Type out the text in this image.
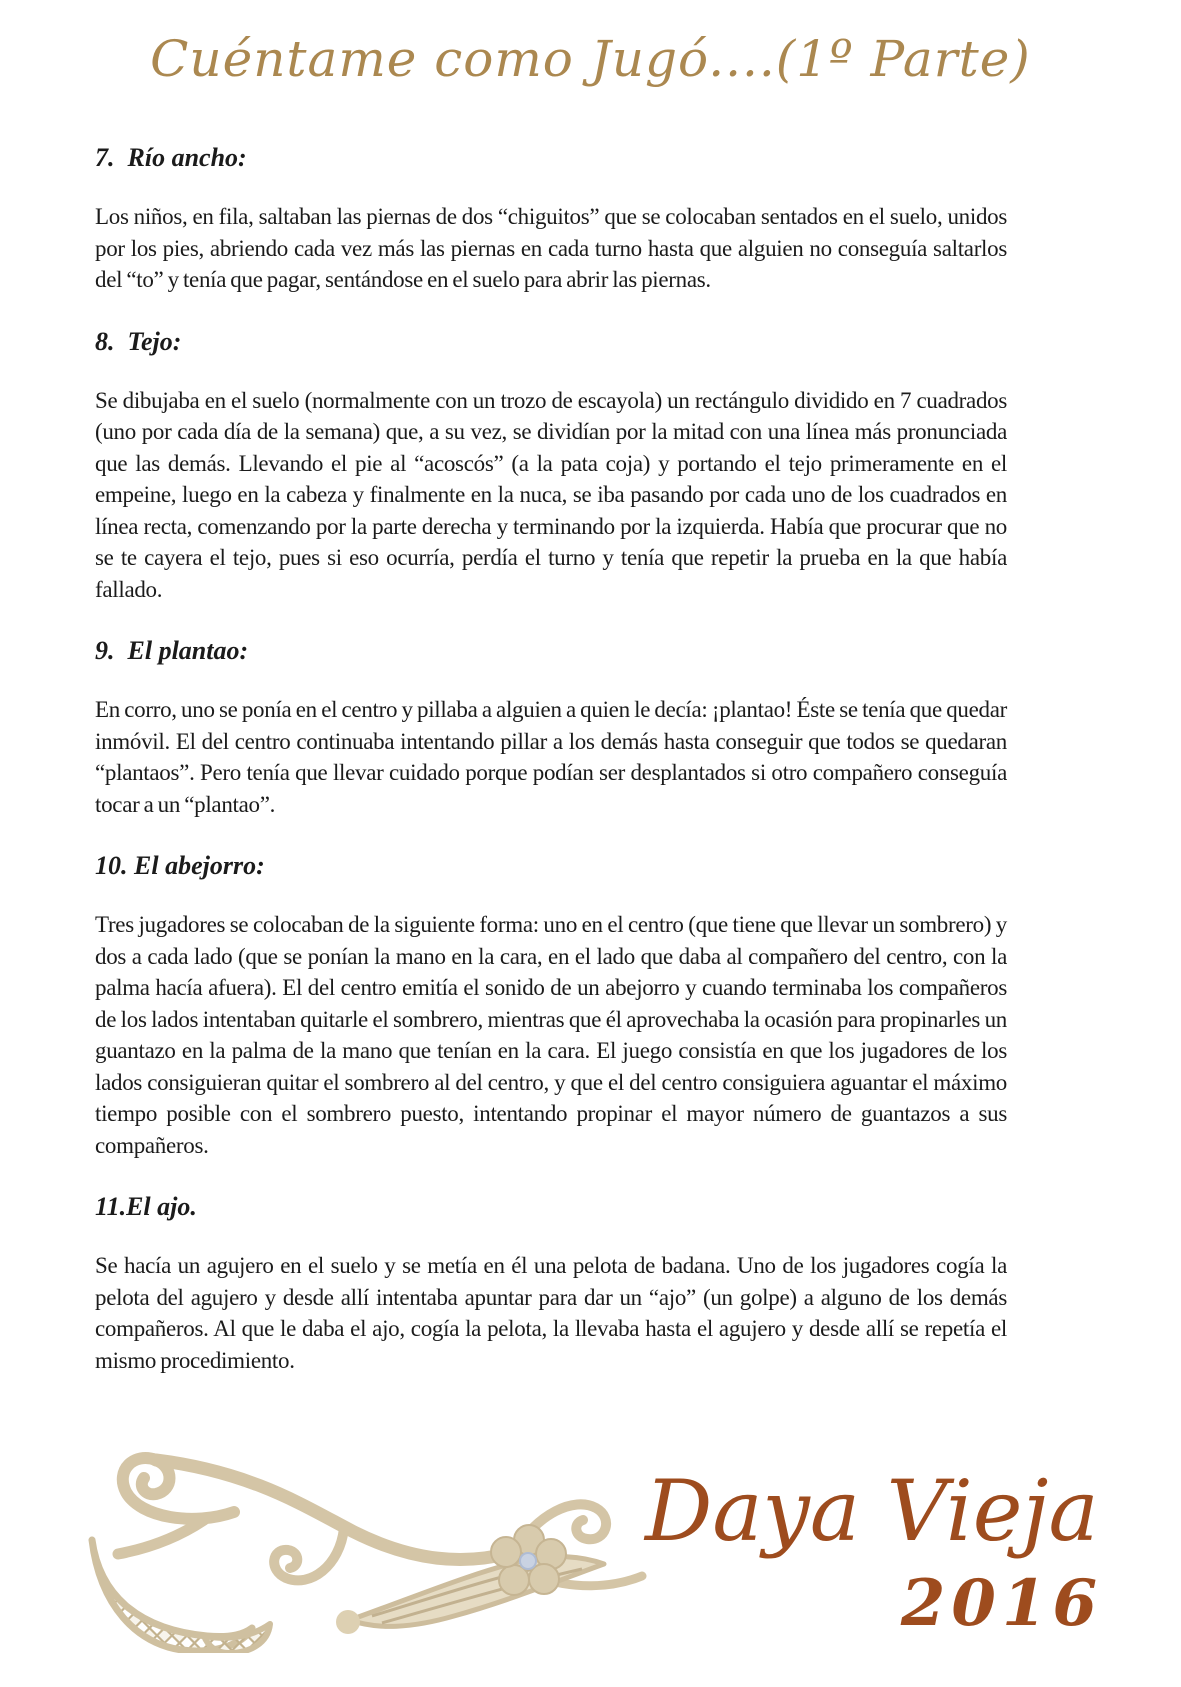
Cuéntame como Jugó....(1º Parte)
7.  Río ancho:

Los niños, en fila, saltaban las piernas de dos “chiguitos” que se colocaban sentados en el suelo, unidos por los pies, abriendo cada vez más las piernas en cada turno hasta que alguien no conseguía saltarlos del “to” y tenía que pagar, sentándose en el suelo para abrir las piernas.

8.  Tejo:

Se dibujaba en el suelo (normalmente con un trozo de escayola) un rectángulo dividido en 7 cuadrados (uno por cada día de la semana) que, a su vez, se dividían por la mitad con una línea más pronunciada que las demás. Llevando el pie al “acoscós” (a la pata coja) y portando el tejo primeramente en el empeine, luego en la cabeza y finalmente en la nuca, se iba pasando por cada uno de los cuadrados en línea recta, comenzando por la parte derecha y terminando por la izquierda. Había que procurar que no se te cayera el tejo, pues si eso ocurría, perdía el turno y tenía que repetir la prueba en la que había fallado.

9.  El plantao:

En corro, uno se ponía en el centro y pillaba a alguien a quien le decía: ¡plantao! Éste se tenía que quedar inmóvil. El del centro continuaba intentando pillar a los demás hasta conseguir que todos se quedaran “plantaos”. Pero tenía que llevar cuidado porque podían ser desplantados si otro compañero conseguía tocar a un “plantao”.

10. El abejorro:

Tres jugadores se colocaban de la siguiente forma: uno en el centro (que tiene que llevar un sombrero) y dos a cada lado (que se ponían la mano en la cara, en el lado que daba al compañero del centro, con la palma hacía afuera). El del centro emitía el sonido de un abejorro y cuando terminaba los compañeros de los lados intentaban quitarle el sombrero, mientras que él aprovechaba la ocasión para propinarles un guantazo en la palma de la mano que tenían en la cara. El juego consistía en que los jugadores de los lados consiguieran quitar el sombrero al del centro, y que el del centro consiguiera aguantar el máximo tiempo posible con el sombrero puesto, intentando propinar el mayor número de guantazos a sus compañeros.

11.El ajo.

Se hacía un agujero en el suelo y se metía en él una pelota de badana. Uno de los jugadores cogía la pelota del agujero y desde allí intentaba apuntar para dar un “ajo” (un golpe) a alguno de los demás compañeros. Al que le daba el ajo, cogía la pelota, la llevaba hasta el agujero y desde allí se repetía el mismo procedimiento.

Daya Vieja

2016
